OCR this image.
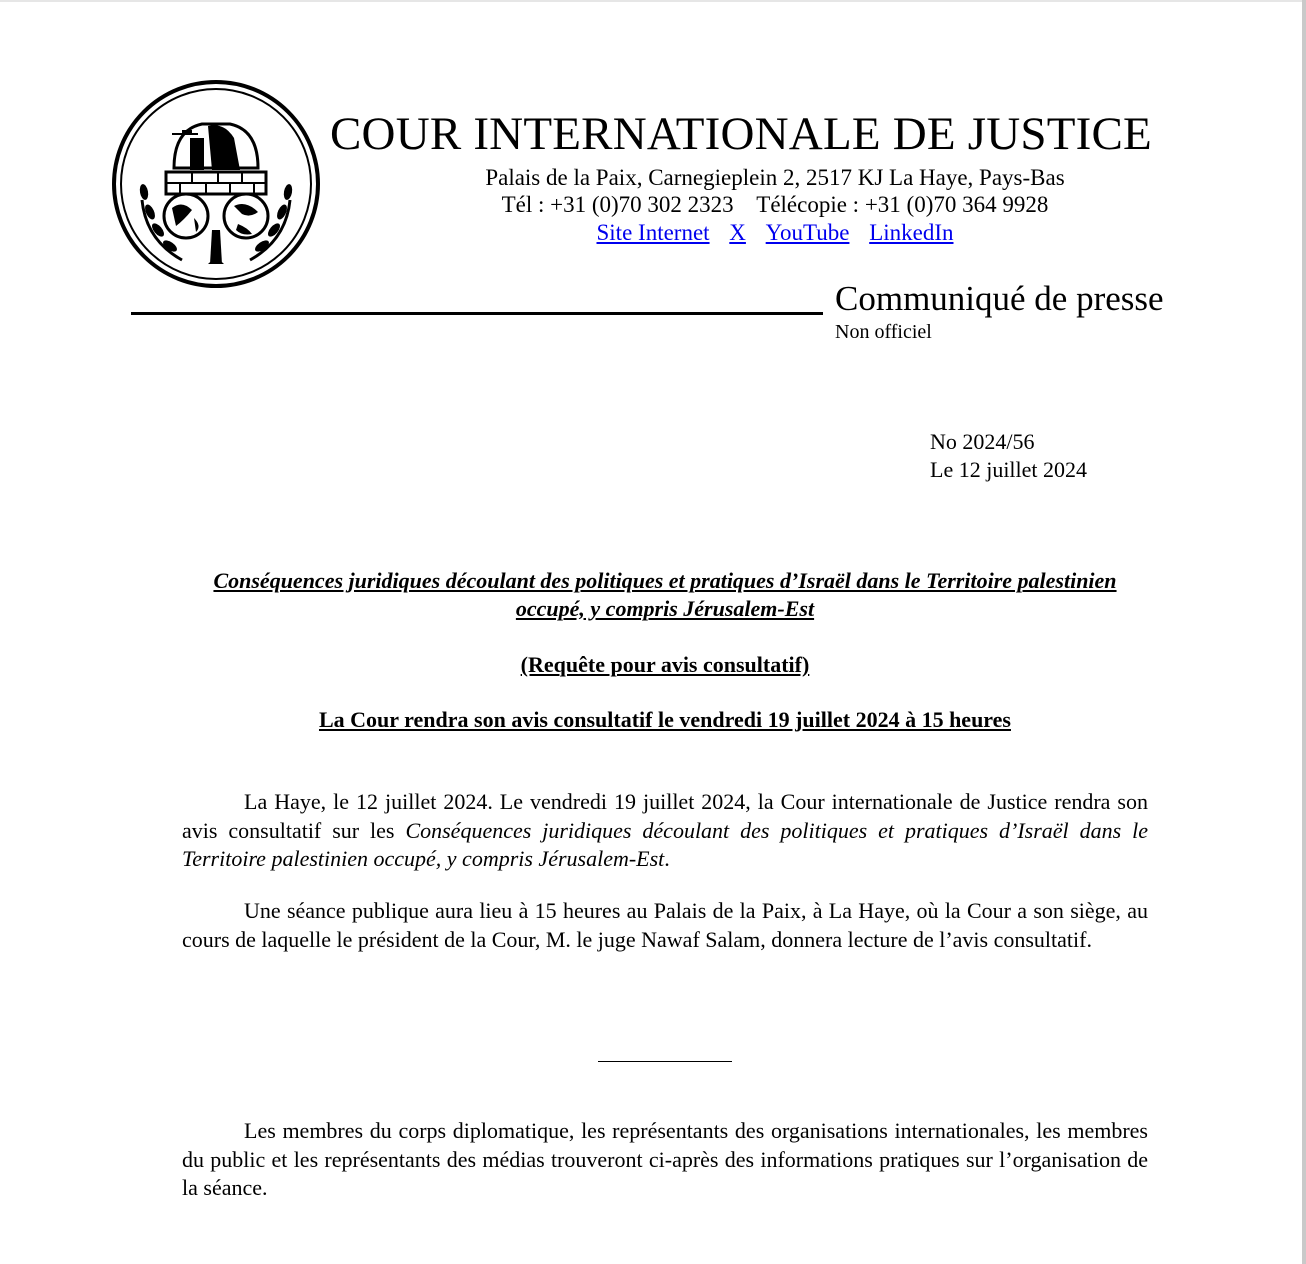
COUR INTERNATIONALE DE JUSTICE
Palais de la Paix, Carnegieplein 2, 2517 KJ La Haye, Pays-Bas
Tél : +31 (0)70 302 2323    Télécopie : +31 (0)70 364 9928
Site Internet X YouTube LinkedIn
Communiqué de presse
Non officiel
No 2024/56
Le 12 juillet 2024
Conséquences juridiques découlant des politiques et pratiques d’Israël dans le Territoire palestinien occupé, y compris Jérusalem-Est
(Requête pour avis consultatif)
La Cour rendra son avis consultatif le vendredi 19 juillet 2024 à 15 heures
La Haye, le 12 juillet 2024. Le vendredi 19 juillet 2024, la Cour internationale de Justice rendra son avis consultatif sur les Conséquences juridiques découlant des politiques et pratiques d’Israël dans le Territoire palestinien occupé, y compris Jérusalem-Est.
Une séance publique aura lieu à 15 heures au Palais de la Paix, à La Haye, où la Cour a son siège, au cours de laquelle le président de la Cour, M. le juge Nawaf Salam, donnera lecture de l’avis consultatif.
Les membres du corps diplomatique, les représentants des organisations internationales, les membres du public et les représentants des médias trouveront ci-après des informations pratiques sur l’organisation de la séance.
